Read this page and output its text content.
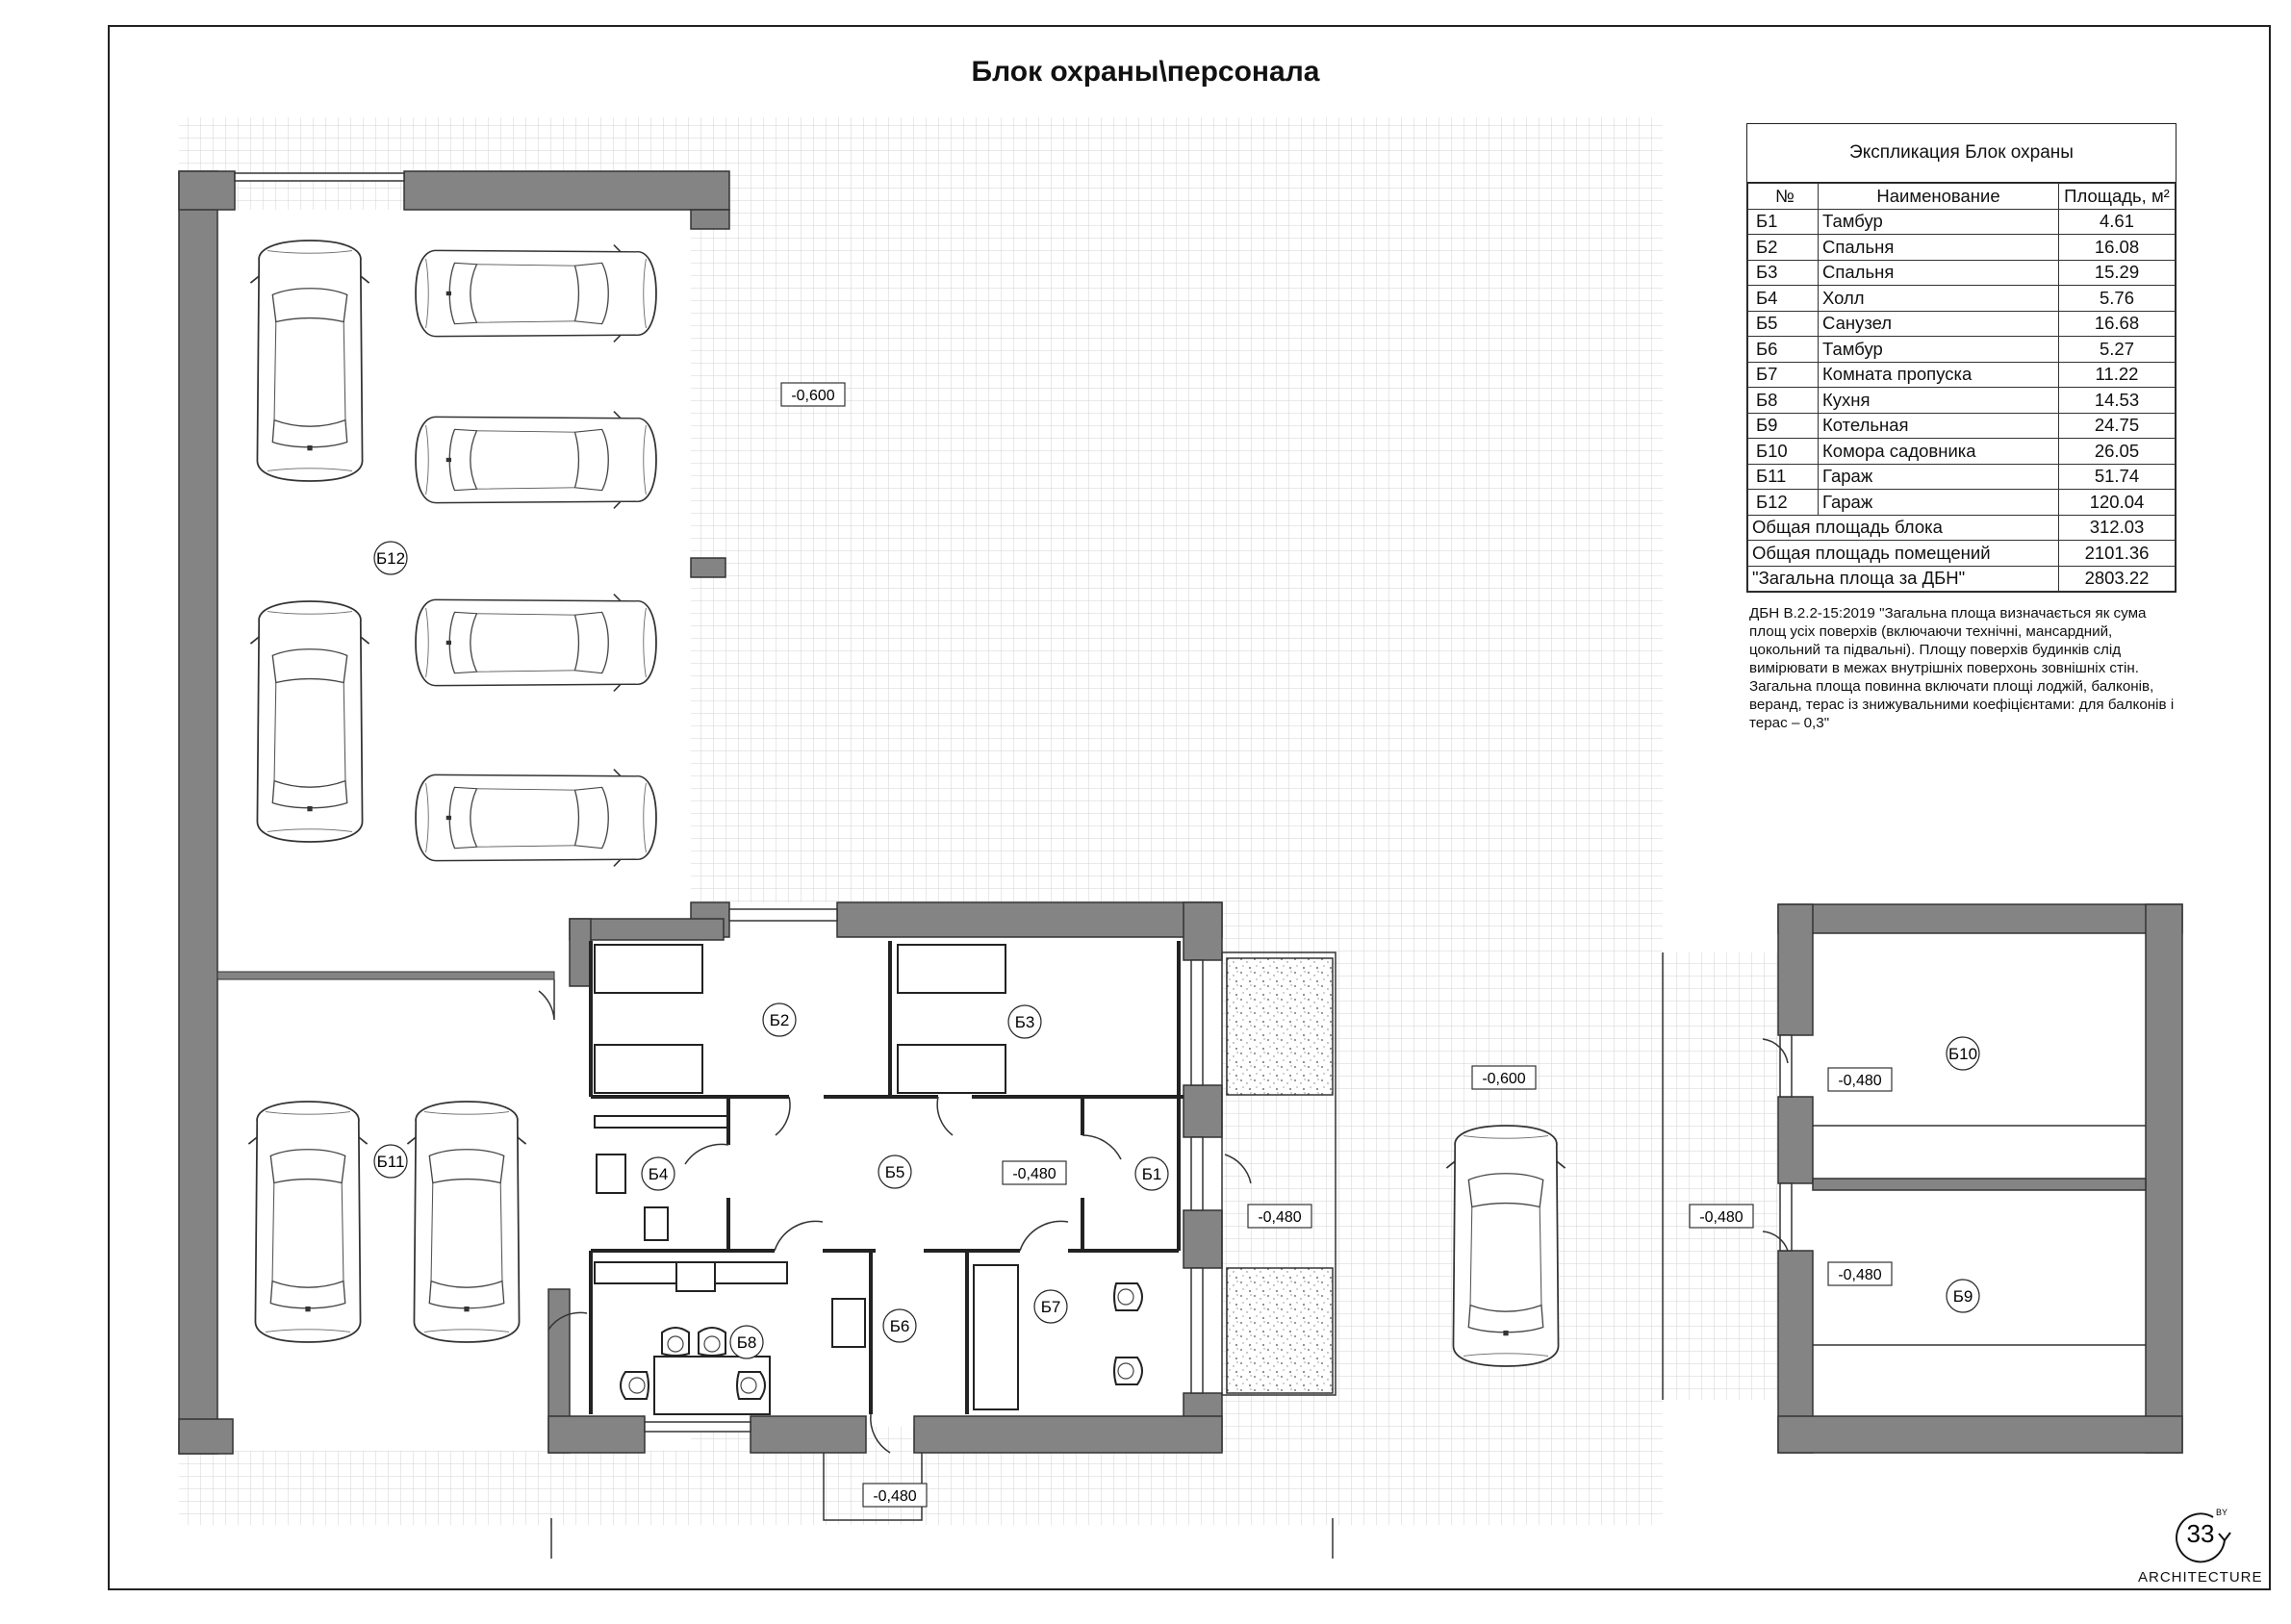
Б12
Б11
Б2	Б3
Б4	Б5	Б1
Б7
Б6
Б8
Б10
Б9
-0,600
-0,600
-0,480
-0,480
-0,480
-0,480
-0,480
-0,480
33
BY
Блок охраны\персонала
Экспликация Блок охраны
№	Наименование	Площадь, м²
Б1	Тамбур	4.61
Б2	Спальня	16.08
Б3	Спальня	15.29
Б4	Холл	5.76
Б5	Санузел	16.68
Б6	Тамбур	5.27
Б7	Комната пропуска	11.22
Б8	Кухня	14.53
Б9	Котельная	24.75
Б10	Комора садовника	26.05
Б11	Гараж	51.74
Б12	Гараж	120.04
Общая площадь блока		312.03
Общая площадь помещений		2101.36
"Загальна площа за ДБН"		2803.22
ДБН В.2.2-15:2019 "Загальна площа визначається як сума площ усіх поверхів (включаючи технічні, мансардний, цокольний та підвальні). Площу поверхів будинків слід вимірювати в межах внутрішніх поверхонь зовнішніх стін. Загальна площа повинна включати площі лоджій, балконів, веранд, терас із знижувальними коефіцієнтами: для балконів і терас – 0,3"
ARCHITECTURE
